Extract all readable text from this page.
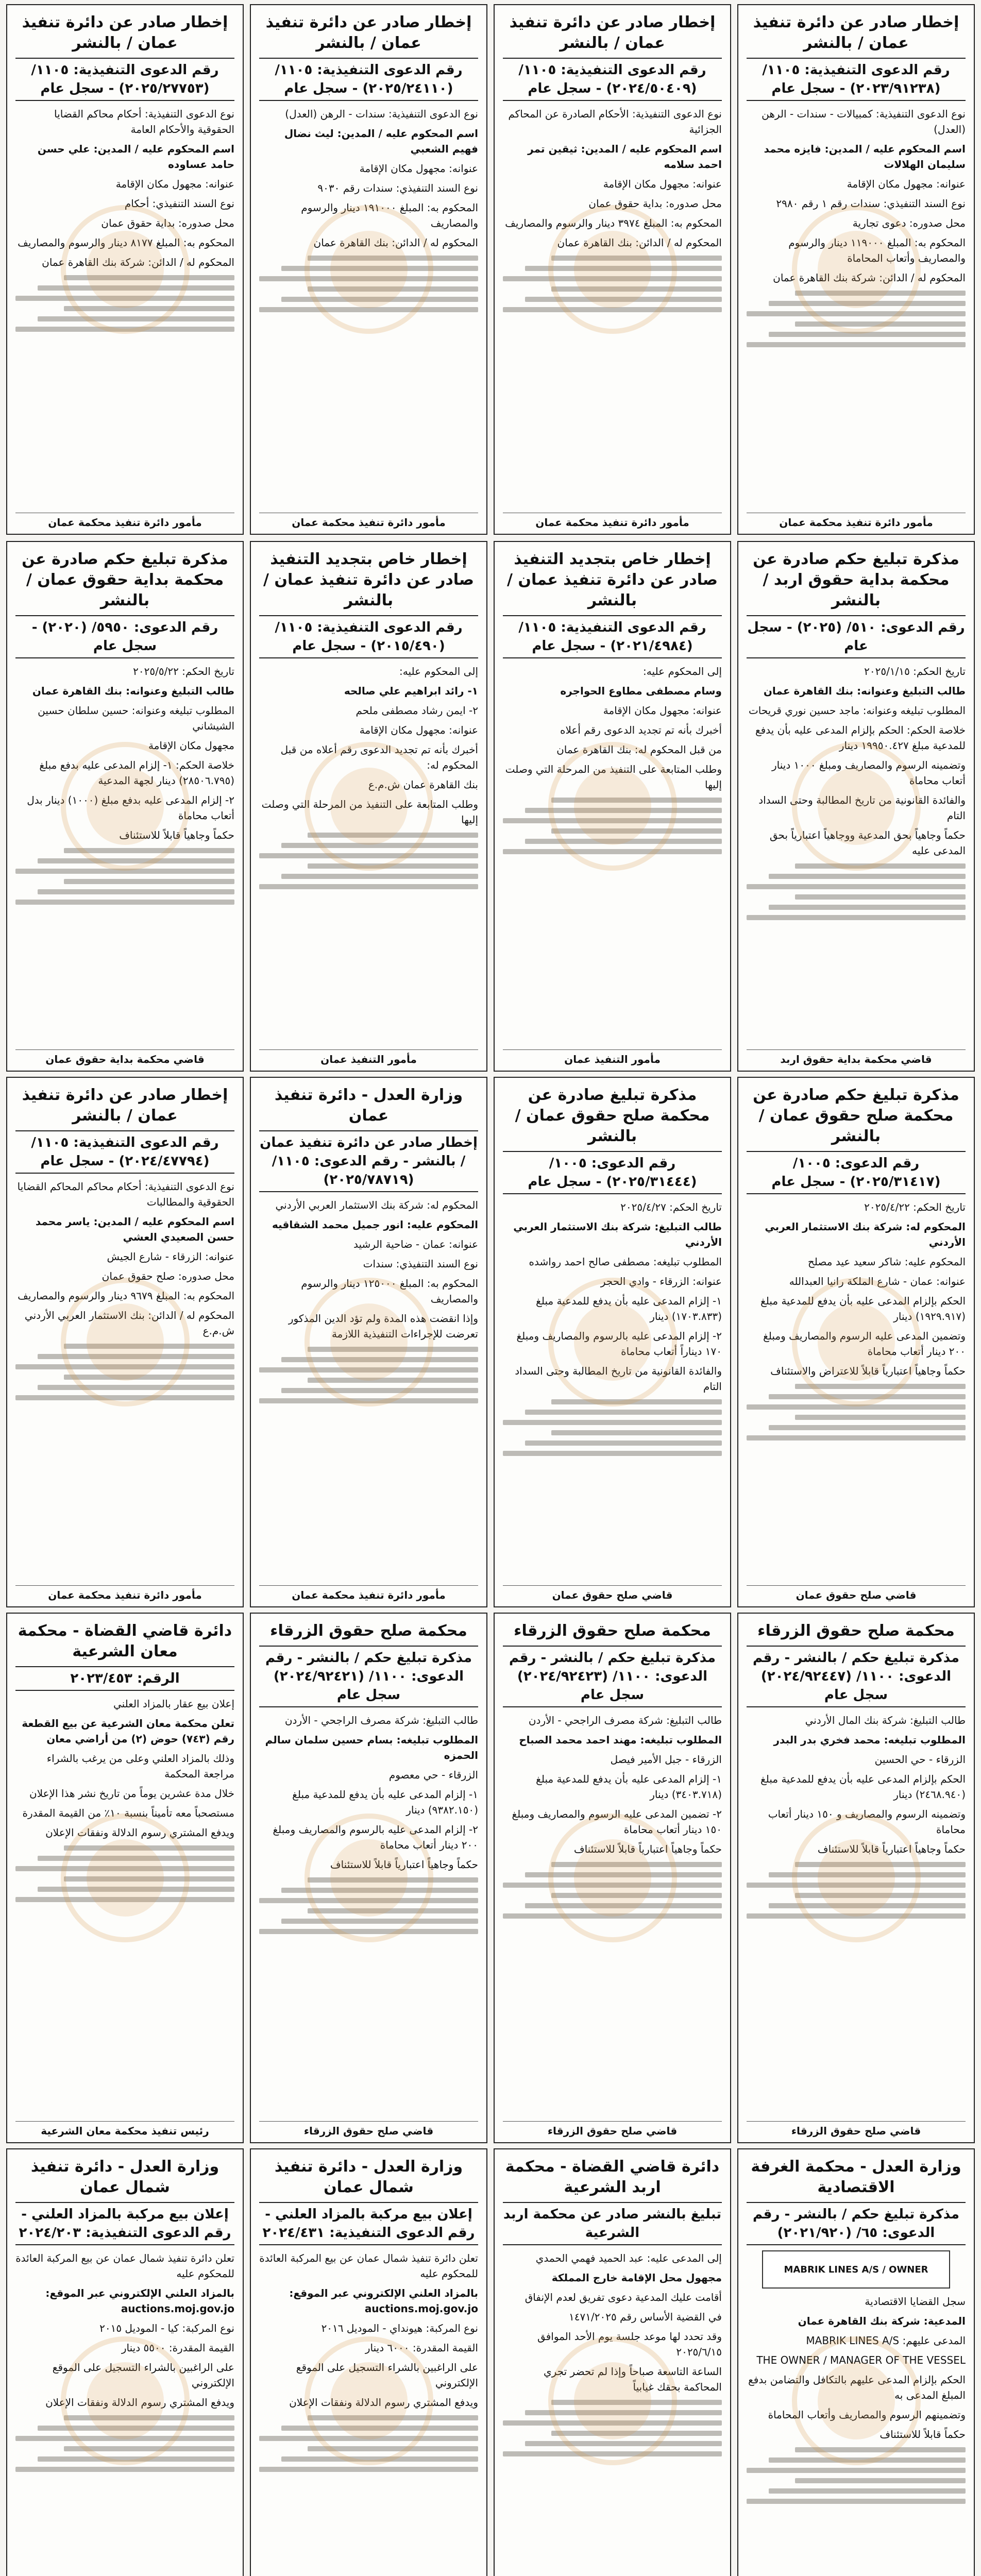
إخطار صادر عن دائرة تنفيذ عمان / بالنشر
رقم الدعوى التنفيذية: ١١٠٥/ (٢٠٢٣/٩١٢٣٨) - سجل عام

نوع الدعوى التنفيذية: كمبيالات - سندات - الرهن (العدل)

اسم المحكوم عليه / المدين: فايزه محمد سليمان الهلالات

عنوانه: مجهول مكان الإقامة

نوع السند التنفيذي: سندات رقم ١ رقم ٢٩٨٠

محل صدوره: دعوى تجارية

المحكوم به: المبلغ ١١٩٠٠٠ دينار والرسوم والمصاريف وأتعاب المحاماة

المحكوم له / الدائن: شركة بنك القاهرة عمان

مأمور دائرة تنفيذ محكمة عمان
إخطار صادر عن دائرة تنفيذ عمان / بالنشر
رقم الدعوى التنفيذية: ١١٠٥/ (٢٠٢٤/٥٠٤٠٩) - سجل عام

نوع الدعوى التنفيذية: الأحكام الصادرة عن المحاكم الجزائية

اسم المحكوم عليه / المدين: ثيقين تمر احمد سلامه

عنوانه: مجهول مكان الإقامة

محل صدوره: بداية حقوق عمان

المحكوم به: المبلغ ٣٩٧٤ دينار والرسوم والمصاريف

المحكوم له / الدائن: بنك القاهرة عمان

مأمور دائرة تنفيذ محكمة عمان
إخطار صادر عن دائرة تنفيذ عمان / بالنشر
رقم الدعوى التنفيذية: ١١٠٥/ (٢٠٢٥/٢٤١١٠) - سجل عام

نوع الدعوى التنفيذية: سندات - الرهن (العدل)

اسم المحكوم عليه / المدين: ليث نضال فهيم الشعبي

عنوانه: مجهول مكان الإقامة

نوع السند التنفيذي: سندات رقم ٩٠٣٠

المحكوم به: المبلغ ١٩١٠٠٠ دينار والرسوم والمصاريف

المحكوم له / الدائن: بنك القاهرة عمان

مأمور دائرة تنفيذ محكمة عمان
إخطار صادر عن دائرة تنفيذ عمان / بالنشر
رقم الدعوى التنفيذية: ١١٠٥/ (٢٠٢٥/٢٧٧٥٣) - سجل عام

نوع الدعوى التنفيذية: أحكام محاكم القضايا الحقوقية والأحكام العامة

اسم المحكوم عليه / المدين: علي حسن حامد عساوده

عنوانه: مجهول مكان الإقامة

نوع السند التنفيذي: أحكام

محل صدوره: بداية حقوق عمان

المحكوم به: المبلغ ٨١٧٧ دينار والرسوم والمصاريف

المحكوم له / الدائن: شركة بنك القاهرة عمان

مأمور دائرة تنفيذ محكمة عمان
مذكرة تبليغ حكم صادرة عن محكمة بداية حقوق اربد / بالنشر
رقم الدعوى: ٥١٠/ (٢٠٢٥) - سجل عام

تاريخ الحكم: ٢٠٢٥/١/١٥

طالب التبليغ وعنوانه: بنك القاهرة عمان

المطلوب تبليغه وعنوانه: ماجد حسين نوري قريحات

خلاصة الحكم: الحكم بإلزام المدعى عليه بأن يدفع للمدعية مبلغ ١٩٩٥٠.٤٢٧ دينار

وتضمينه الرسوم والمصاريف ومبلغ ١٠٠٠ دينار أتعاب محاماة

والفائدة القانونية من تاريخ المطالبة وحتى السداد التام

حكماً وجاهياً بحق المدعية ووجاهياً اعتبارياً بحق المدعى عليه

قاضي محكمة بداية حقوق اربد
إخطار خاص بتجديد التنفيذ صادر عن دائرة تنفيذ عمان / بالنشر
رقم الدعوى التنفيذية: ١١٠٥/ (٢٠٢١/٤٩٨٤) - سجل عام

إلى المحكوم عليه:

وسام مصطفى مطاوع الحواجره

عنوانه: مجهول مكان الإقامة

أخبرك بأنه تم تجديد الدعوى رقم أعلاه

من قبل المحكوم له: بنك القاهرة عمان

وطلب المتابعة على التنفيذ من المرحلة التي وصلت إليها

مأمور التنفيذ عمان
إخطار خاص بتجديد التنفيذ صادر عن دائرة تنفيذ عمان / بالنشر
رقم الدعوى التنفيذية: ١١٠٥/ (٢٠١٥/٤٩٠) - سجل عام

إلى المحكوم عليه:

١- رائد ابراهيم علي صالحه

٢- ايمن رشاد مصطفى ملحم

عنوانه: مجهول مكان الإقامة

أخبرك بأنه تم تجديد الدعوى رقم أعلاه من قبل المحكوم له:

بنك القاهرة عمان ش.م.ع

وطلب المتابعة على التنفيذ من المرحلة التي وصلت إليها

مأمور التنفيذ عمان
مذكرة تبليغ حكم صادرة عن محكمة بداية حقوق عمان / بالنشر
رقم الدعوى: ٥٩٥٠/ (٢٠٢٠) - سجل عام

تاريخ الحكم: ٢٠٢٥/٥/٢٢

طالب التبليغ وعنوانه: بنك القاهرة عمان

المطلوب تبليغه وعنوانه: حسين سلطان حسين الشيشاني

مجهول مكان الإقامة

خلاصة الحكم: ١- إلزام المدعى عليه بدفع مبلغ (٢٨٥٠٦.٧٩٥) دينار لجهة المدعية

٢- إلزام المدعى عليه بدفع مبلغ (١٠٠٠) دينار بدل أتعاب محاماة

حكماً وجاهياً قابلاً للاستئناف

قاضي محكمة بداية حقوق عمان
مذكرة تبليغ حكم صادرة عن محكمة صلح حقوق عمان / بالنشر
رقم الدعوى: ١٠٠٥/ (٢٠٢٥/٣١٤١٧) - سجل عام

تاريخ الحكم: ٢٠٢٥/٤/٢٢

المحكوم له: شركة بنك الاستثمار العربي الأردني

المحكوم عليه: شاكر سعيد عيد مصلح

عنوانه: عمان - شارع الملكة رانيا العبدالله

الحكم بإلزام المدعى عليه بأن يدفع للمدعية مبلغ (١٩٢٩.٩١٧) دينار

وتضمين المدعى عليه الرسوم والمصاريف ومبلغ ٢٠٠ دينار أتعاب محاماة

حكماً وجاهياً اعتبارياً قابلاً للاعتراض والاستئناف

قاضي صلح حقوق عمان
مذكرة تبليغ صادرة عن محكمة صلح حقوق عمان / بالنشر
رقم الدعوى: ١٠٠٥/ (٢٠٢٥/٣١٤٤٤) - سجل عام

تاريخ الحكم: ٢٠٢٥/٤/٢٧

طالب التبليغ: شركة بنك الاستثمار العربي الأردني

المطلوب تبليغه: مصطفى صالح احمد رواشده

عنوانه: الزرقاء - وادي الحجر

١- إلزام المدعى عليه بأن يدفع للمدعية مبلغ (١٧٠٣.٨٣٣) دينار

٢- إلزام المدعى عليه بالرسوم والمصاريف ومبلغ ١٧٠ ديناراً أتعاب محاماة

والفائدة القانونية من تاريخ المطالبة وحتى السداد التام

قاضي صلح حقوق عمان
وزارة العدل - دائرة تنفيذ عمان
إخطار صادر عن دائرة تنفيذ عمان / بالنشر - رقم الدعوى: ١١٠٥/ (٢٠٢٥/٧٨٧١٩)

المحكوم له: شركة بنك الاستثمار العربي الأردني

المحكوم عليه: انور جميل محمد الشقاقيه

عنوانه: عمان - ضاحية الرشيد

نوع السند التنفيذي: سندات

المحكوم به: المبلغ ١٢٥٠٠٠ دينار والرسوم والمصاريف

وإذا انقضت هذه المدة ولم تؤد الدين المذكور تعرضت للإجراءات التنفيذية اللازمة

مأمور دائرة تنفيذ محكمة عمان
إخطار صادر عن دائرة تنفيذ عمان / بالنشر
رقم الدعوى التنفيذية: ١١٠٥/ (٢٠٢٤/٤٧٧٩٤) - سجل عام

نوع الدعوى التنفيذية: أحكام محاكم المحاكم القضايا الحقوقية والمطالبات

اسم المحكوم عليه / المدين: ياسر محمد حسن الصعيدي العشي

عنوانه: الزرقاء - شارع الجيش

محل صدوره: صلح حقوق عمان

المحكوم به: المبلغ ٩٦٧٩ دينار والرسوم والمصاريف

المحكوم له / الدائن: بنك الاستثمار العربي الأردني ش.م.ع

مأمور دائرة تنفيذ محكمة عمان
محكمة صلح حقوق الزرقاء
مذكرة تبليغ حكم / بالنشر - رقم الدعوى: ١١٠٠/ (٢٠٢٤/٩٢٤٤٧) سجل عام

طالب التبليغ: شركة بنك المال الأردني

المطلوب تبليغه: محمد فخري بدر البدر

الزرقاء - حي الحسين

الحكم بإلزام المدعى عليه بأن يدفع للمدعية مبلغ (٢٤٦٨.٩٤٠) دينار

وتضمينه الرسوم والمصاريف و ١٥٠ دينار أتعاب محاماة

حكماً وجاهياً اعتبارياً قابلاً للاستئناف

قاضي صلح حقوق الزرقاء
محكمة صلح حقوق الزرقاء
مذكرة تبليغ حكم / بالنشر - رقم الدعوى: ١١٠٠/ (٢٠٢٤/٩٢٤٢٣) سجل عام

طالب التبليغ: شركة مصرف الراجحي - الأردن

المطلوب تبليغه: مهند احمد محمد الصباح

الزرقاء - جبل الأمير فيصل

١- إلزام المدعى عليه بأن يدفع للمدعية مبلغ (٣٤٠٣.٧١٨) دينار

٢- تضمين المدعى عليه الرسوم والمصاريف ومبلغ ١٥٠ دينار أتعاب محاماة

حكماً وجاهياً اعتبارياً قابلاً للاستئناف

قاضي صلح حقوق الزرقاء
محكمة صلح حقوق الزرقاء
مذكرة تبليغ حكم / بالنشر - رقم الدعوى: ١١٠٠/ (٢٠٢٤/٩٢٤٢١) سجل عام

طالب التبليغ: شركة مصرف الراجحي - الأردن

المطلوب تبليغه: بسام حسين سلمان سالم الحمزه

الزرقاء - حي معصوم

١- إلزام المدعى عليه بأن يدفع للمدعية مبلغ (٩٣٨٢.١٥٠) دينار

٢- إلزام المدعى عليه بالرسوم والمصاريف ومبلغ ٢٠٠ دينار أتعاب محاماة

حكماً وجاهياً اعتبارياً قابلاً للاستئناف

قاضي صلح حقوق الزرقاء
دائرة قاضي القضاة - محكمة معان الشرعية
الرقم: ٢٠٢٣/٤٥٣

إعلان بيع عقار بالمزاد العلني

تعلن محكمة معان الشرعية عن بيع القطعة رقم (٧٤٣) حوض (٢) من أراضي معان

وذلك بالمزاد العلني وعلى من يرغب بالشراء مراجعة المحكمة

خلال مدة عشرين يوماً من تاريخ نشر هذا الإعلان

مستصحباً معه تأميناً بنسبة ١٠٪ من القيمة المقدرة

ويدفع المشتري رسوم الدلالة ونفقات الإعلان

رئيس تنفيذ محكمة معان الشرعية
وزارة العدل - محكمة الغرفة الاقتصادية
مذكرة تبليغ حكم / بالنشر - رقم الدعوى: ٦٥/ (٢٠٢١/٩٢٠)
MABRIK LINES A/S / OWNER

سجل القضايا الاقتصادية

المدعية: شركة بنك القاهرة عمان

المدعى عليهم: MABRIK LINES A/S

THE OWNER / MANAGER OF THE VESSEL

الحكم بإلزام المدعى عليهم بالتكافل والتضامن بدفع المبلغ المدعى به

وتضمينهم الرسوم والمصاريف وأتعاب المحاماة

حكماً قابلاً للاستئناف

دائرة قاضي القضاة - محكمة اربد الشرعية
تبليغ بالنشر صادر عن محكمة اربد الشرعية

إلى المدعى عليه: عبد الحميد فهمي الحمدي

مجهول محل الإقامة خارج المملكة

أقامت عليك المدعية دعوى تفريق لعدم الإنفاق

في القضية الأساس رقم ١٤٧١/٢٠٢٥

وقد تحدد لها موعد جلسة يوم الأحد الموافق ٢٠٢٥/٦/١٥

الساعة التاسعة صباحاً وإذا لم تحضر تجري المحاكمة بحقك غيابياً

وزارة العدل - دائرة تنفيذ شمال عمان
إعلان بيع مركبة بالمزاد العلني - رقم الدعوى التنفيذية: ٢٠٢٤/٤٣١

تعلن دائرة تنفيذ شمال عمان عن بيع المركبة العائدة للمحكوم عليه

بالمزاد العلني الإلكتروني عبر الموقع: auctions.moj.gov.jo

نوع المركبة: هيونداي - الموديل ٢٠١٦

القيمة المقدرة: ٦٠٠٠ دينار

على الراغبين بالشراء التسجيل على الموقع الإلكتروني

ويدفع المشتري رسوم الدلالة ونفقات الإعلان

وزارة العدل - دائرة تنفيذ شمال عمان
إعلان بيع مركبة بالمزاد العلني - رقم الدعوى التنفيذية: ٢٠٢٤/٢٠٣

تعلن دائرة تنفيذ شمال عمان عن بيع المركبة العائدة للمحكوم عليه

بالمزاد العلني الإلكتروني عبر الموقع: auctions.moj.gov.jo

نوع المركبة: كيا - الموديل ٢٠١٥

القيمة المقدرة: ٥٥٠٠ دينار

على الراغبين بالشراء التسجيل على الموقع الإلكتروني

ويدفع المشتري رسوم الدلالة ونفقات الإعلان
